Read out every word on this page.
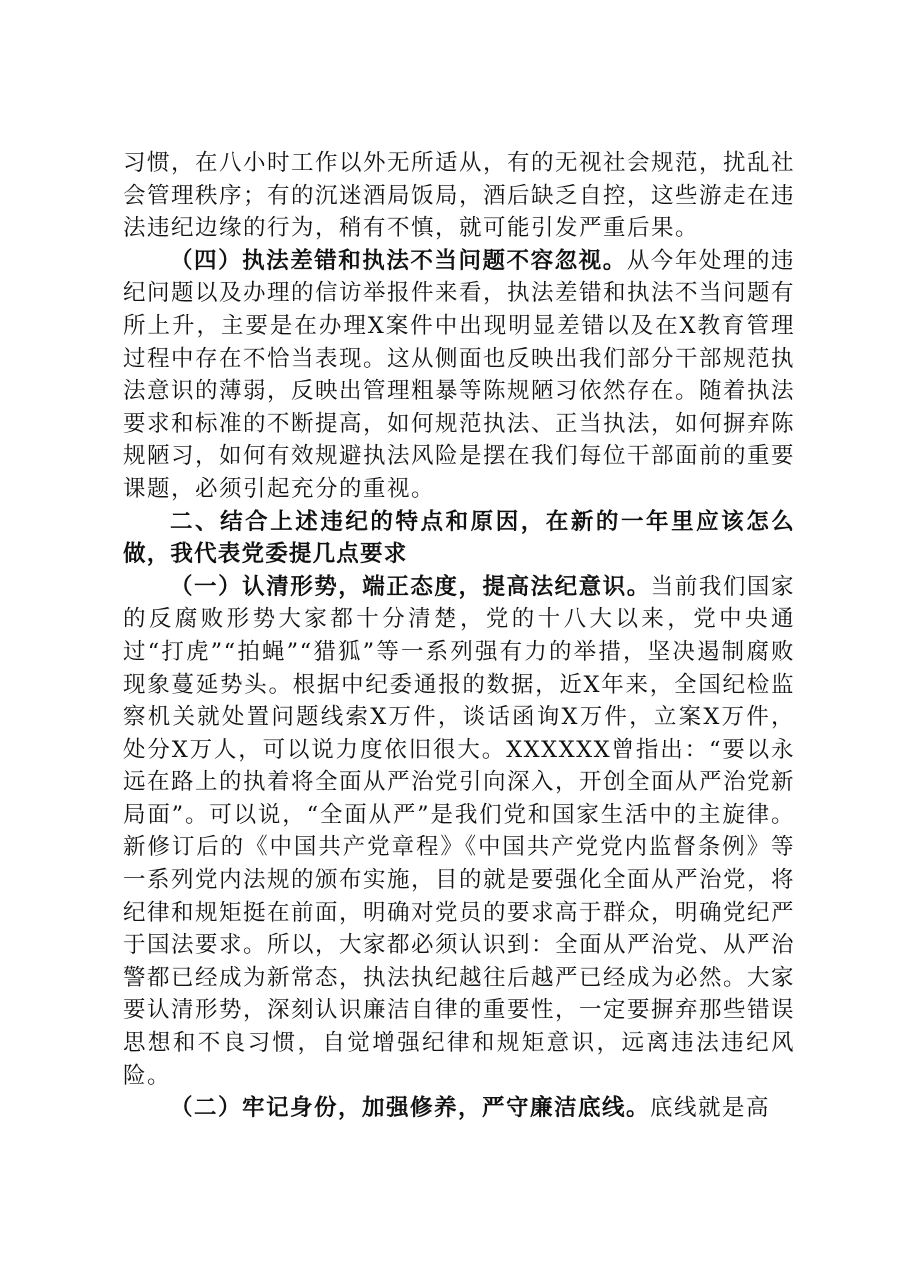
习惯，在八小时工作以外无所适从，有的无视社会规范，扰乱社会管理秩序；有的沉迷酒局饭局，酒后缺乏自控，这些游走在违法违纪边缘的行为，稍有不慎，就可能引发严重后果。

（四）执法差错和执法不当问题不容忽视。从今年处理的违纪问题以及办理的信访举报件来看，执法差错和执法不当问题有所上升，主要是在办理X案件中出现明显差错以及在X教育管理过程中存在不恰当表现。这从侧面也反映出我们部分干部规范执法意识的薄弱，反映出管理粗暴等陈规陋习依然存在。随着执法要求和标准的不断提高，如何规范执法、正当执法，如何摒弃陈规陋习，如何有效规避执法风险是摆在我们每位干部面前的重要课题，必须引起充分的重视。

二、结合上述违纪的特点和原因，在新的一年里应该怎么做，我代表党委提几点要求

（一）认清形势，端正态度，提高法纪意识。当前我们国家的反腐败形势大家都十分清楚，党的十八大以来，党中央通过“打虎”“拍蝇”“猎狐”等一系列强有力的举措，坚决遏制腐败现象蔓延势头。根据中纪委通报的数据，近X年来，全国纪检监察机关就处置问题线索X万件，谈话函询X万件，立案X万件，处分X万人，可以说力度依旧很大。XXXXXX曾指出：“要以永远在路上的执着将全面从严治党引向深入，开创全面从严治党新局面”。可以说，“全面从严”是我们党和国家生活中的主旋律。新修订后的《中国共产党章程》《中国共产党党内监督条例》等一系列党内法规的颁布实施，目的就是要强化全面从严治党，将纪律和规矩挺在前面，明确对党员的要求高于群众，明确党纪严于国法要求。所以，大家都必须认识到：全面从严治党、从严治警都已经成为新常态，执法执纪越往后越严已经成为必然。大家要认清形势，深刻认识廉洁自律的重要性，一定要摒弃那些错误思想和不良习惯，自觉增强纪律和规矩意识，远离违法违纪风险。

（二）牢记身份，加强修养，严守廉洁底线。底线就是高
